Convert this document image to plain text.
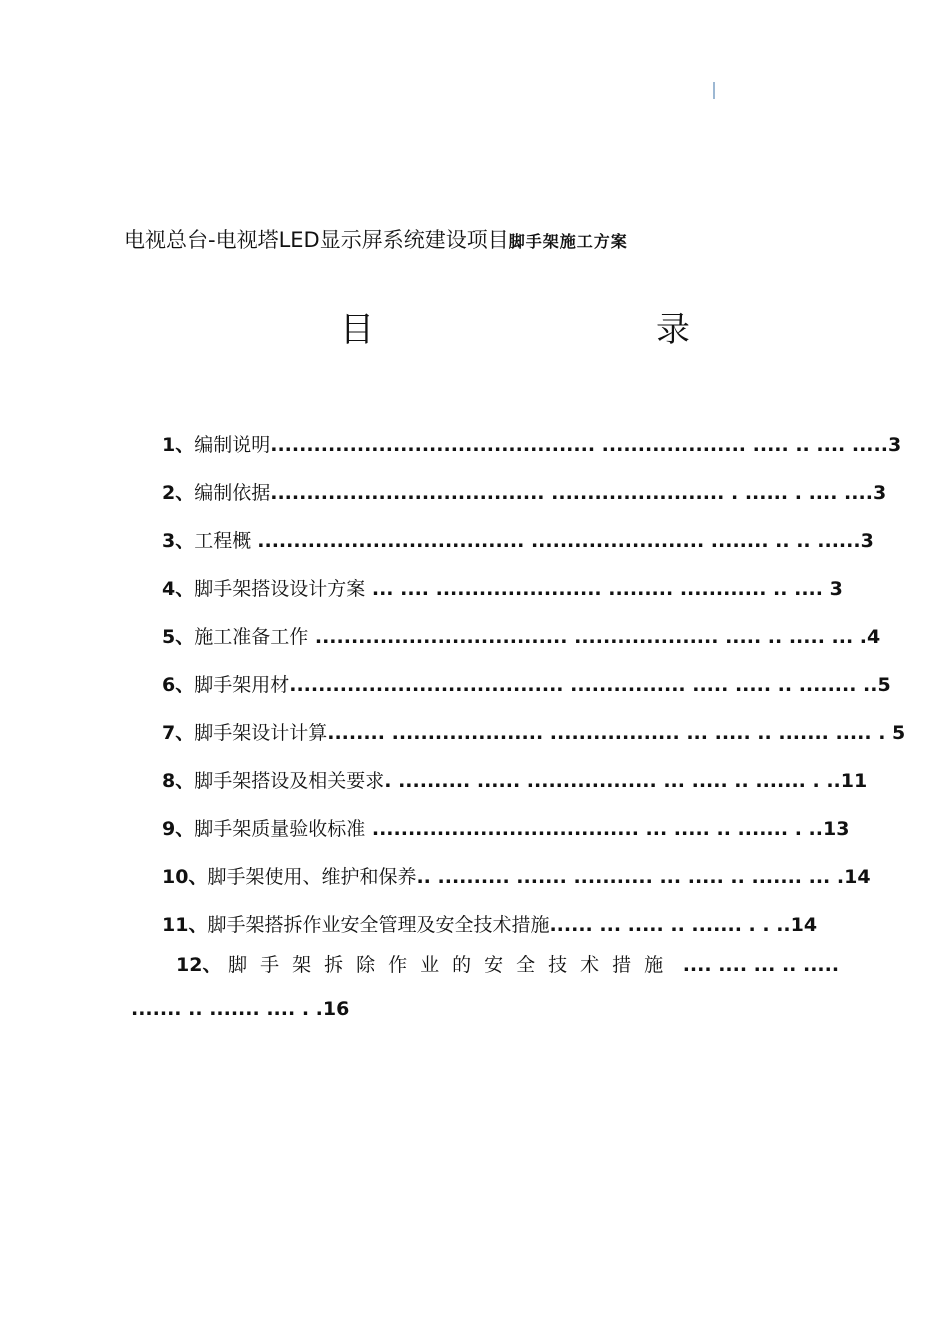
电视总台-电视塔LED显示屏系统建设项目脚手架施工方案
目	录
1、编制说明............................................. .................... ..... .. .... .....3
2、编制依据...................................... ........................ . ...... . .... ....3
3、工程概 ..................................... ........................ ........ .. .. ......3
4、脚手架搭设设计方案 ... .... ....................... ......... ............ .. .... 3
5、施工准备工作 ................................... .................... ..... .. ..... ... .4
6、脚手架用材...................................... ................ ..... ..... .. ........ ..5
7、脚手架设计计算........ ..................... .................. ... ..... .. ....... ..... . 5
8、脚手架搭设及相关要求. .......... ...... .................. ... ..... .. ....... . ..11
9、脚手架质量验收标准 ..................................... ... ..... .. ....... . ..13
10、脚手架使用、维护和保养.. .......... ....... ........... ... ..... .. ....... ... .14
11、脚手架搭拆作业安全管理及安全技术措施...... ... ..... .. ....... . . ..14
12、 脚手架拆除作业的安全技术措施 .... .... ... .. .....
....... .. ....... .... . .16
